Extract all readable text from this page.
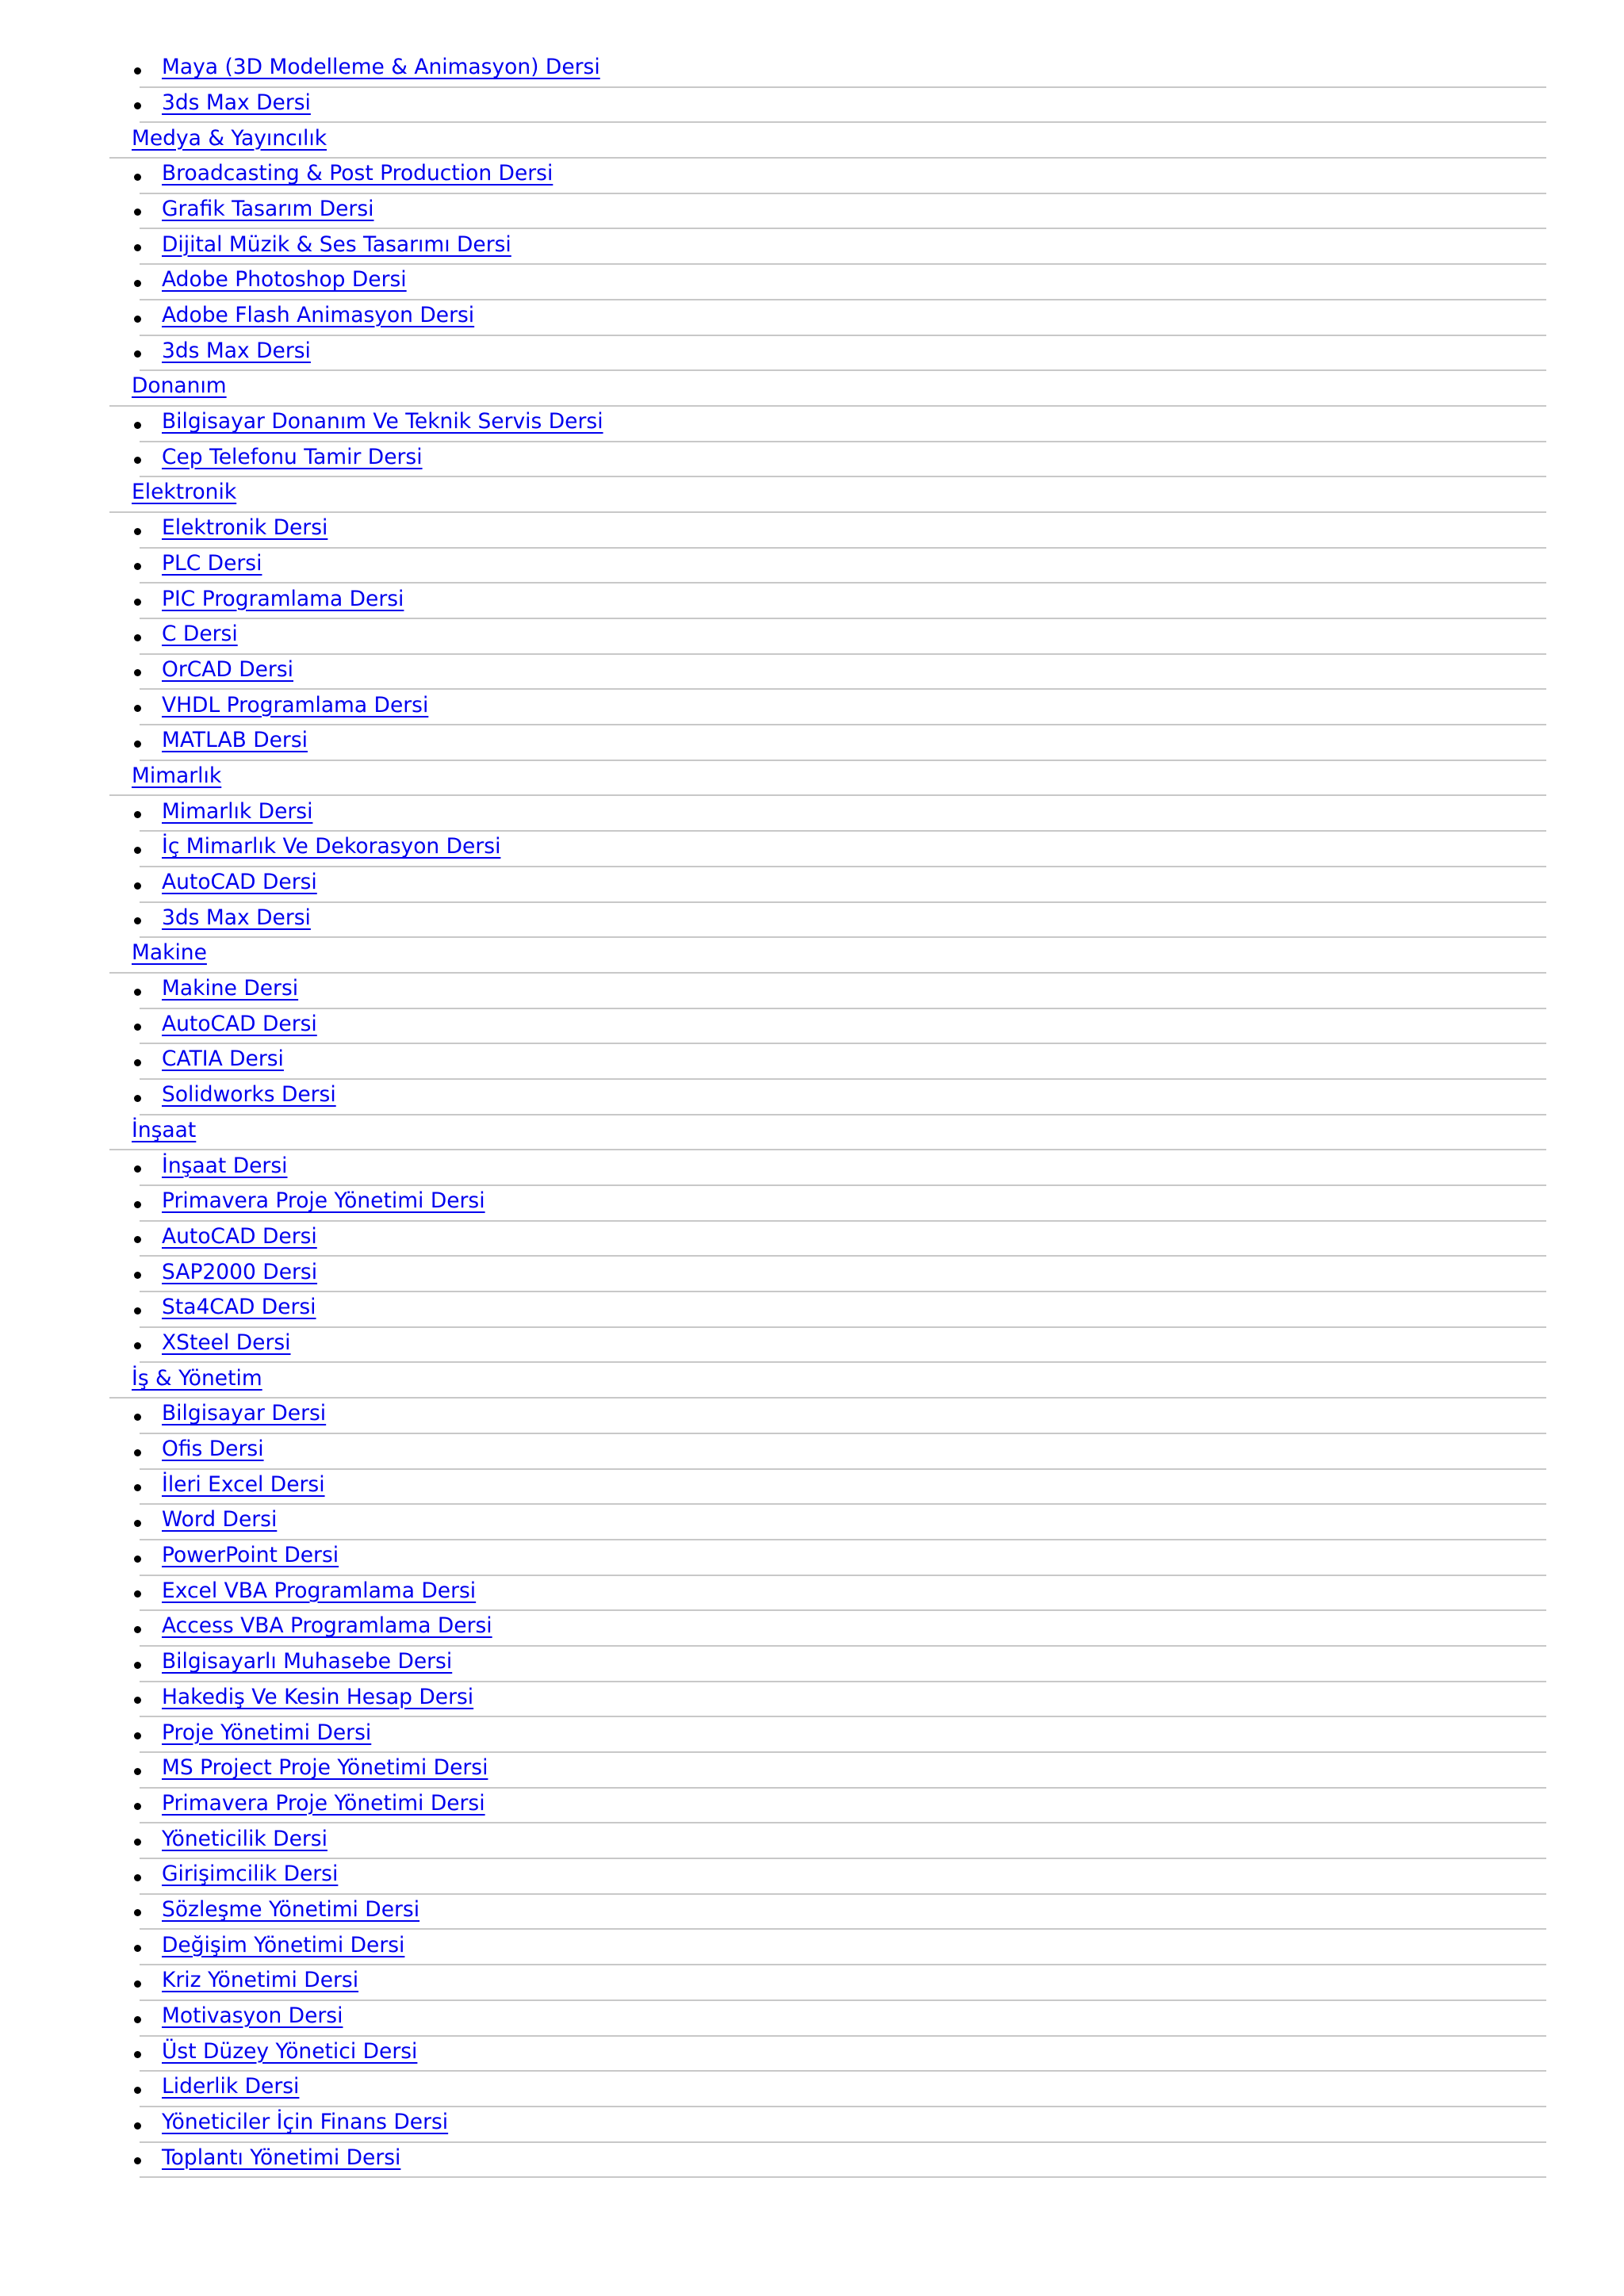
Maya (3D Modelleme & Animasyon) Dersi
3ds Max Dersi
Medya & Yayıncılık
Broadcasting & Post Production Dersi
Grafik Tasarım Dersi
Dijital Müzik & Ses Tasarımı Dersi
Adobe Photoshop Dersi
Adobe Flash Animasyon Dersi
3ds Max Dersi
Donanım
Bilgisayar Donanım Ve Teknik Servis Dersi
Cep Telefonu Tamir Dersi
Elektronik
Elektronik Dersi
PLC Dersi
PIC Programlama Dersi
C Dersi
OrCAD Dersi
VHDL Programlama Dersi
MATLAB Dersi
Mimarlık
Mimarlık Dersi
İç Mimarlık Ve Dekorasyon Dersi
AutoCAD Dersi
3ds Max Dersi
Makine
Makine Dersi
AutoCAD Dersi
CATIA Dersi
Solidworks Dersi
İnşaat
İnşaat Dersi
Primavera Proje Yönetimi Dersi
AutoCAD Dersi
SAP2000 Dersi
Sta4CAD Dersi
XSteel Dersi
İş & Yönetim
Bilgisayar Dersi
Ofis Dersi
İleri Excel Dersi
Word Dersi
PowerPoint Dersi
Excel VBA Programlama Dersi
Access VBA Programlama Dersi
Bilgisayarlı Muhasebe Dersi
Hakediş Ve Kesin Hesap Dersi
Proje Yönetimi Dersi
MS Project Proje Yönetimi Dersi
Primavera Proje Yönetimi Dersi
Yöneticilik Dersi
Girişimcilik Dersi
Sözleşme Yönetimi Dersi
Değişim Yönetimi Dersi
Kriz Yönetimi Dersi
Motivasyon Dersi
Üst Düzey Yönetici Dersi
Liderlik Dersi
Yöneticiler İçin Finans Dersi
Toplantı Yönetimi Dersi
